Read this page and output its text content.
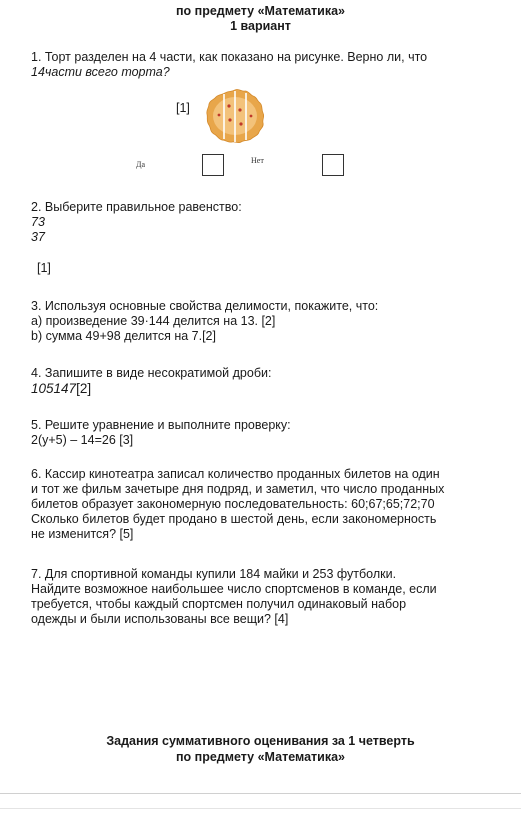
по предмету «Математика»
1 вариант

1. Торт разделен на 4 части, как показано на рисунке. Верно ли, что

14части всего торта?

[1]
Да	Нет

2. Выберите правильное равенство:

73

37

[1]

3. Используя основные свойства делимости, покажите, что:

a) произведение 39·144 делится на 13. [2]

b) сумма 49+98 делится на 7.[2]

4. Запишите в виде несократимой дроби:

105147[2]

5. Решите уравнение и выполните проверку:

2(y+5) – 14=26 [3]

6. Кассир кинотеатра записал количество проданных билетов на один

и тот же фильм зачетыре дня подряд, и заметил, что число проданных

билетов образует закономерную последовательность: 60;67;65;72;70

Сколько билетов будет продано в шестой день, если закономерность

не изменится? [5]

7. Для спортивной команды купили 184 майки и 253 футболки.

Найдите возможное наибольшее число спортсменов в команде, если

требуется, чтобы каждый спортсмен получил одинаковый набор

одежды и были использованы все вещи? [4]

Задания суммативного оценивания за 1 четверть
по предмету «Математика»
